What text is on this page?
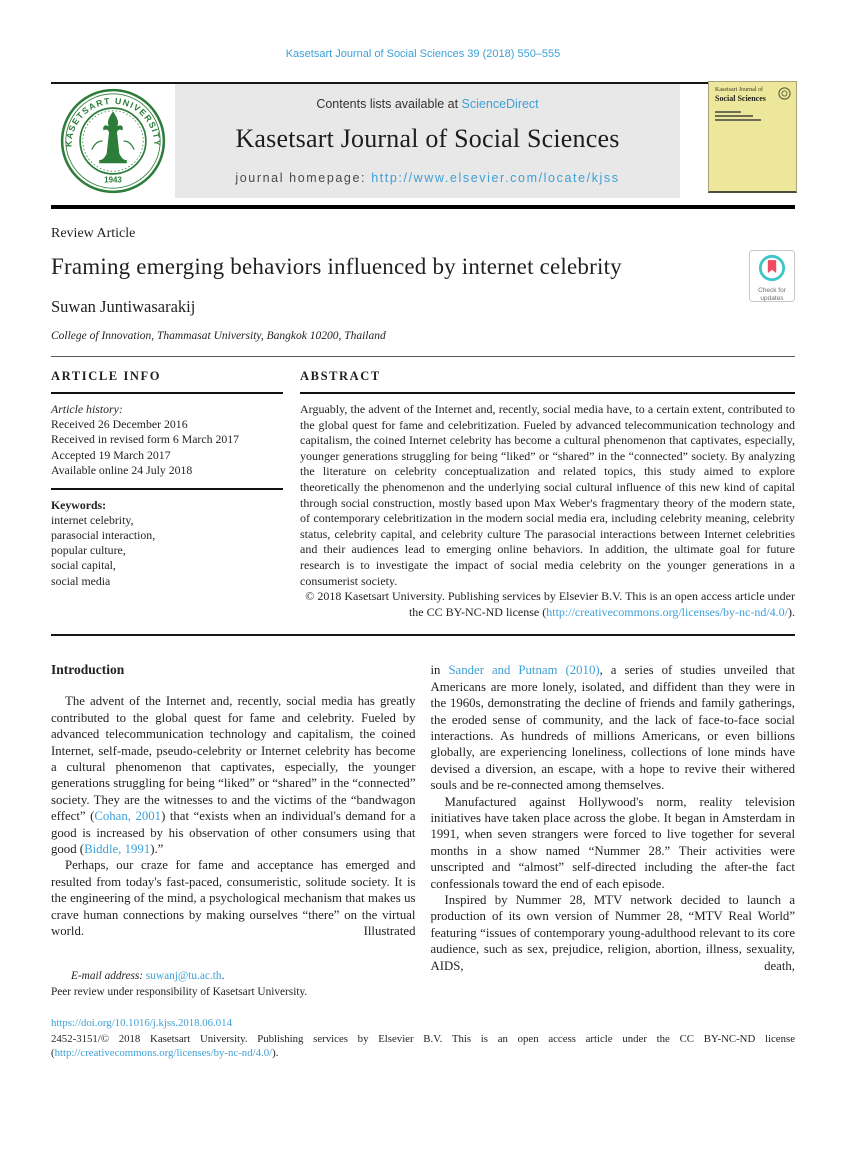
Kasetsart Journal of Social Sciences 39 (2018) 550–555
KASETSART UNIVERSITY
1943
Contents lists available at ScienceDirect
Kasetsart Journal of Social Sciences
journal homepage: http://www.elsevier.com/locate/kjss
Kasetsart Journal of
Social Sciences
Review Article
Framing emerging behaviors influenced by internet celebrity
Check for updates
Suwan Juntiwasarakij
College of Innovation, Thammasat University, Bangkok 10200, Thailand
ARTICLE INFO
Article history:
Received 26 December 2016
Received in revised form 6 March 2017
Accepted 19 March 2017
Available online 24 July 2018
Keywords:
internet celebrity,
parasocial interaction,
popular culture,
social capital,
social media
ABSTRACT
Arguably, the advent of the Internet and, recently, social media have, to a certain extent, contributed to the global quest for fame and celebritization. Fueled by advanced telecommunication technology and capitalism, the coined Internet celebrity has become a cultural phenomenon that captivates, especially, younger generations struggling for being “liked” or “shared” in the “connected” society. By analyzing the literature on celebrity conceptualization and related topics, this study aimed to explore theoretically the phenomenon and the underlying social cultural influence of this new kind of capital through social construction, mostly based upon Max Weber's fragmentary theory of the modern state, of contemporary celebritization in the modern social media era, including celebrity meaning, celebrity status, celebrity capital, and celebrity culture The parasocial interactions between Internet celebrities and their audiences lead to emerging online behaviors. In addition, the ultimate goal for future research is to investigate the impact of social media celebrity on the younger generations in a consumerist society.
© 2018 Kasetsart University. Publishing services by Elsevier B.V. This is an open access article under the CC BY-NC-ND license (http://creativecommons.org/licenses/by-nc-nd/4.0/).
Introduction

The advent of the Internet and, recently, social media has greatly contributed to the global quest for fame and celebrity. Fueled by advanced telecommunication technology and capitalism, the coined Internet, self-made, pseudo-celebrity or Internet celebrity has become a cultural phenomenon that captivates, especially, the younger generations struggling for being “liked” or “shared” in the “connected” society. They are the witnesses to and the victims of the “bandwagon effect” (Cohan, 2001) that “exists when an individual's demand for a good is increased by his observation of other consumers using that good (Biddle, 1991).”

Perhaps, our craze for fame and acceptance has emerged and resulted from today's fast-paced, consumeristic, solitude society. It is the engineering of the mind, a psychological mechanism that makes us crave human connections by making ourselves “there” on the virtual world. Illustrated

E-mail address: suwanj@tu.ac.th.
Peer review under responsibility of Kasetsart University.

in Sander and Putnam (2010), a series of studies unveiled that Americans are more lonely, isolated, and diffident than they were in the 1960s, demonstrating the decline of friends and family gatherings, the eroded sense of community, and the lack of face-to-face social interactions. As hundreds of millions Americans, or even billions globally, are experiencing loneliness, collections of lone minds have devised a diversion, an escape, with a hope to revive their withered souls and be re-connected among themselves.

Manufactured against Hollywood's norm, reality television initiatives have taken place across the globe. It began in Amsterdam in 1991, when seven strangers were forced to live together for several months in a show named “Nummer 28.” Their activities were unscripted and “almost” self-directed including the after-the fact confessionals toward the end of each episode.

Inspired by Nummer 28, MTV network decided to launch a production of its own version of Nummer 28, “MTV Real World” featuring “issues of contemporary young-adulthood relevant to its core audience, such as sex, prejudice, religion, abortion, illness, sexuality, AIDS, death,

https://doi.org/10.1016/j.kjss.2018.06.014
2452-3151/© 2018 Kasetsart University. Publishing services by Elsevier B.V. This is an open access article under the CC BY-NC-ND license (http://creativecommons.org/licenses/by-nc-nd/4.0/).
